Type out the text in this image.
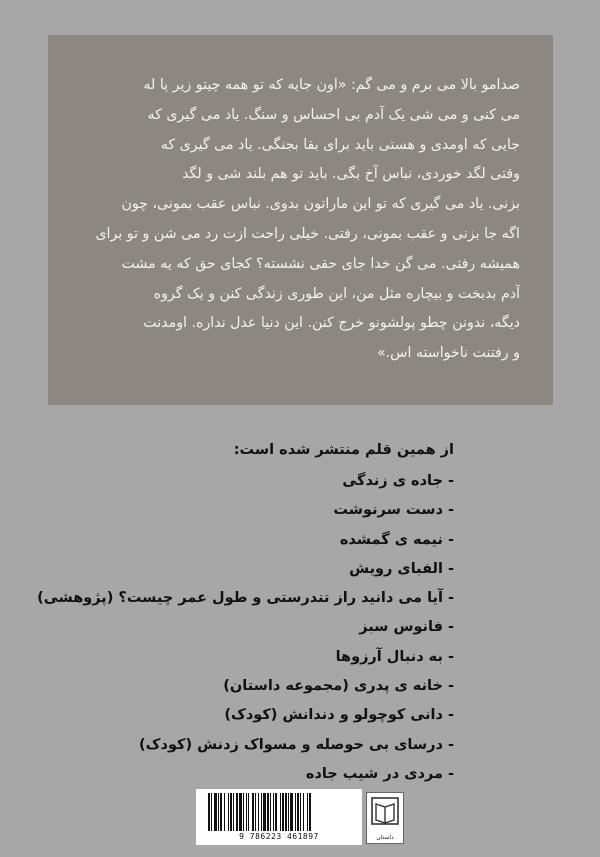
صدامو بالا می برم و می گم: «اون جایه که تو همه چیتو زیر پا له
می کنی و می شی یک آدم بی احساس و سنگ. یاد می گیری که
جایی که اومدی و هستی باید برای بقا بجنگی. یاد می گیری که
وقتی لگد خوردی، نباس آخ بگی. باید تو هم بلند شی و لگد
بزنی. یاد می گیری که تو این ماراتون بدوی. نباس عقب بمونی، چون
اگه جا بزنی و عقب بمونی، رفتی. خیلی راحت ازت رد می شن و تو برای
همیشه رفتی. می گن خدا جای حقی نشسته؟ کجای حق که یه مشت
آدم بدبخت و بیچاره مثل من، این طوری زندگی کنن و یک گروه
دیگه، ندونن چطو پولشونو خرج کنن. این دنیا عدل نداره. اومدنت
و رفتنت ناخواسته اس.»
از همین قلم منتشر شده است:
- جاده ی زندگی
- دست سرنوشت
- نیمه ی گمشده
- الفبای رویش
- آیا می دانید راز تندرستی و طول عمر چیست؟ (پژوهشی)
- فانوس سبز
- به دنبال آرزوها
- خانه ی پدری (مجموعه داستان)
- دانی کوچولو و دندانش (کودک)
- درسای بی حوصله و مسواک زدنش (کودک)
- مردی در شیب جاده
9 786223 461897	داستان
